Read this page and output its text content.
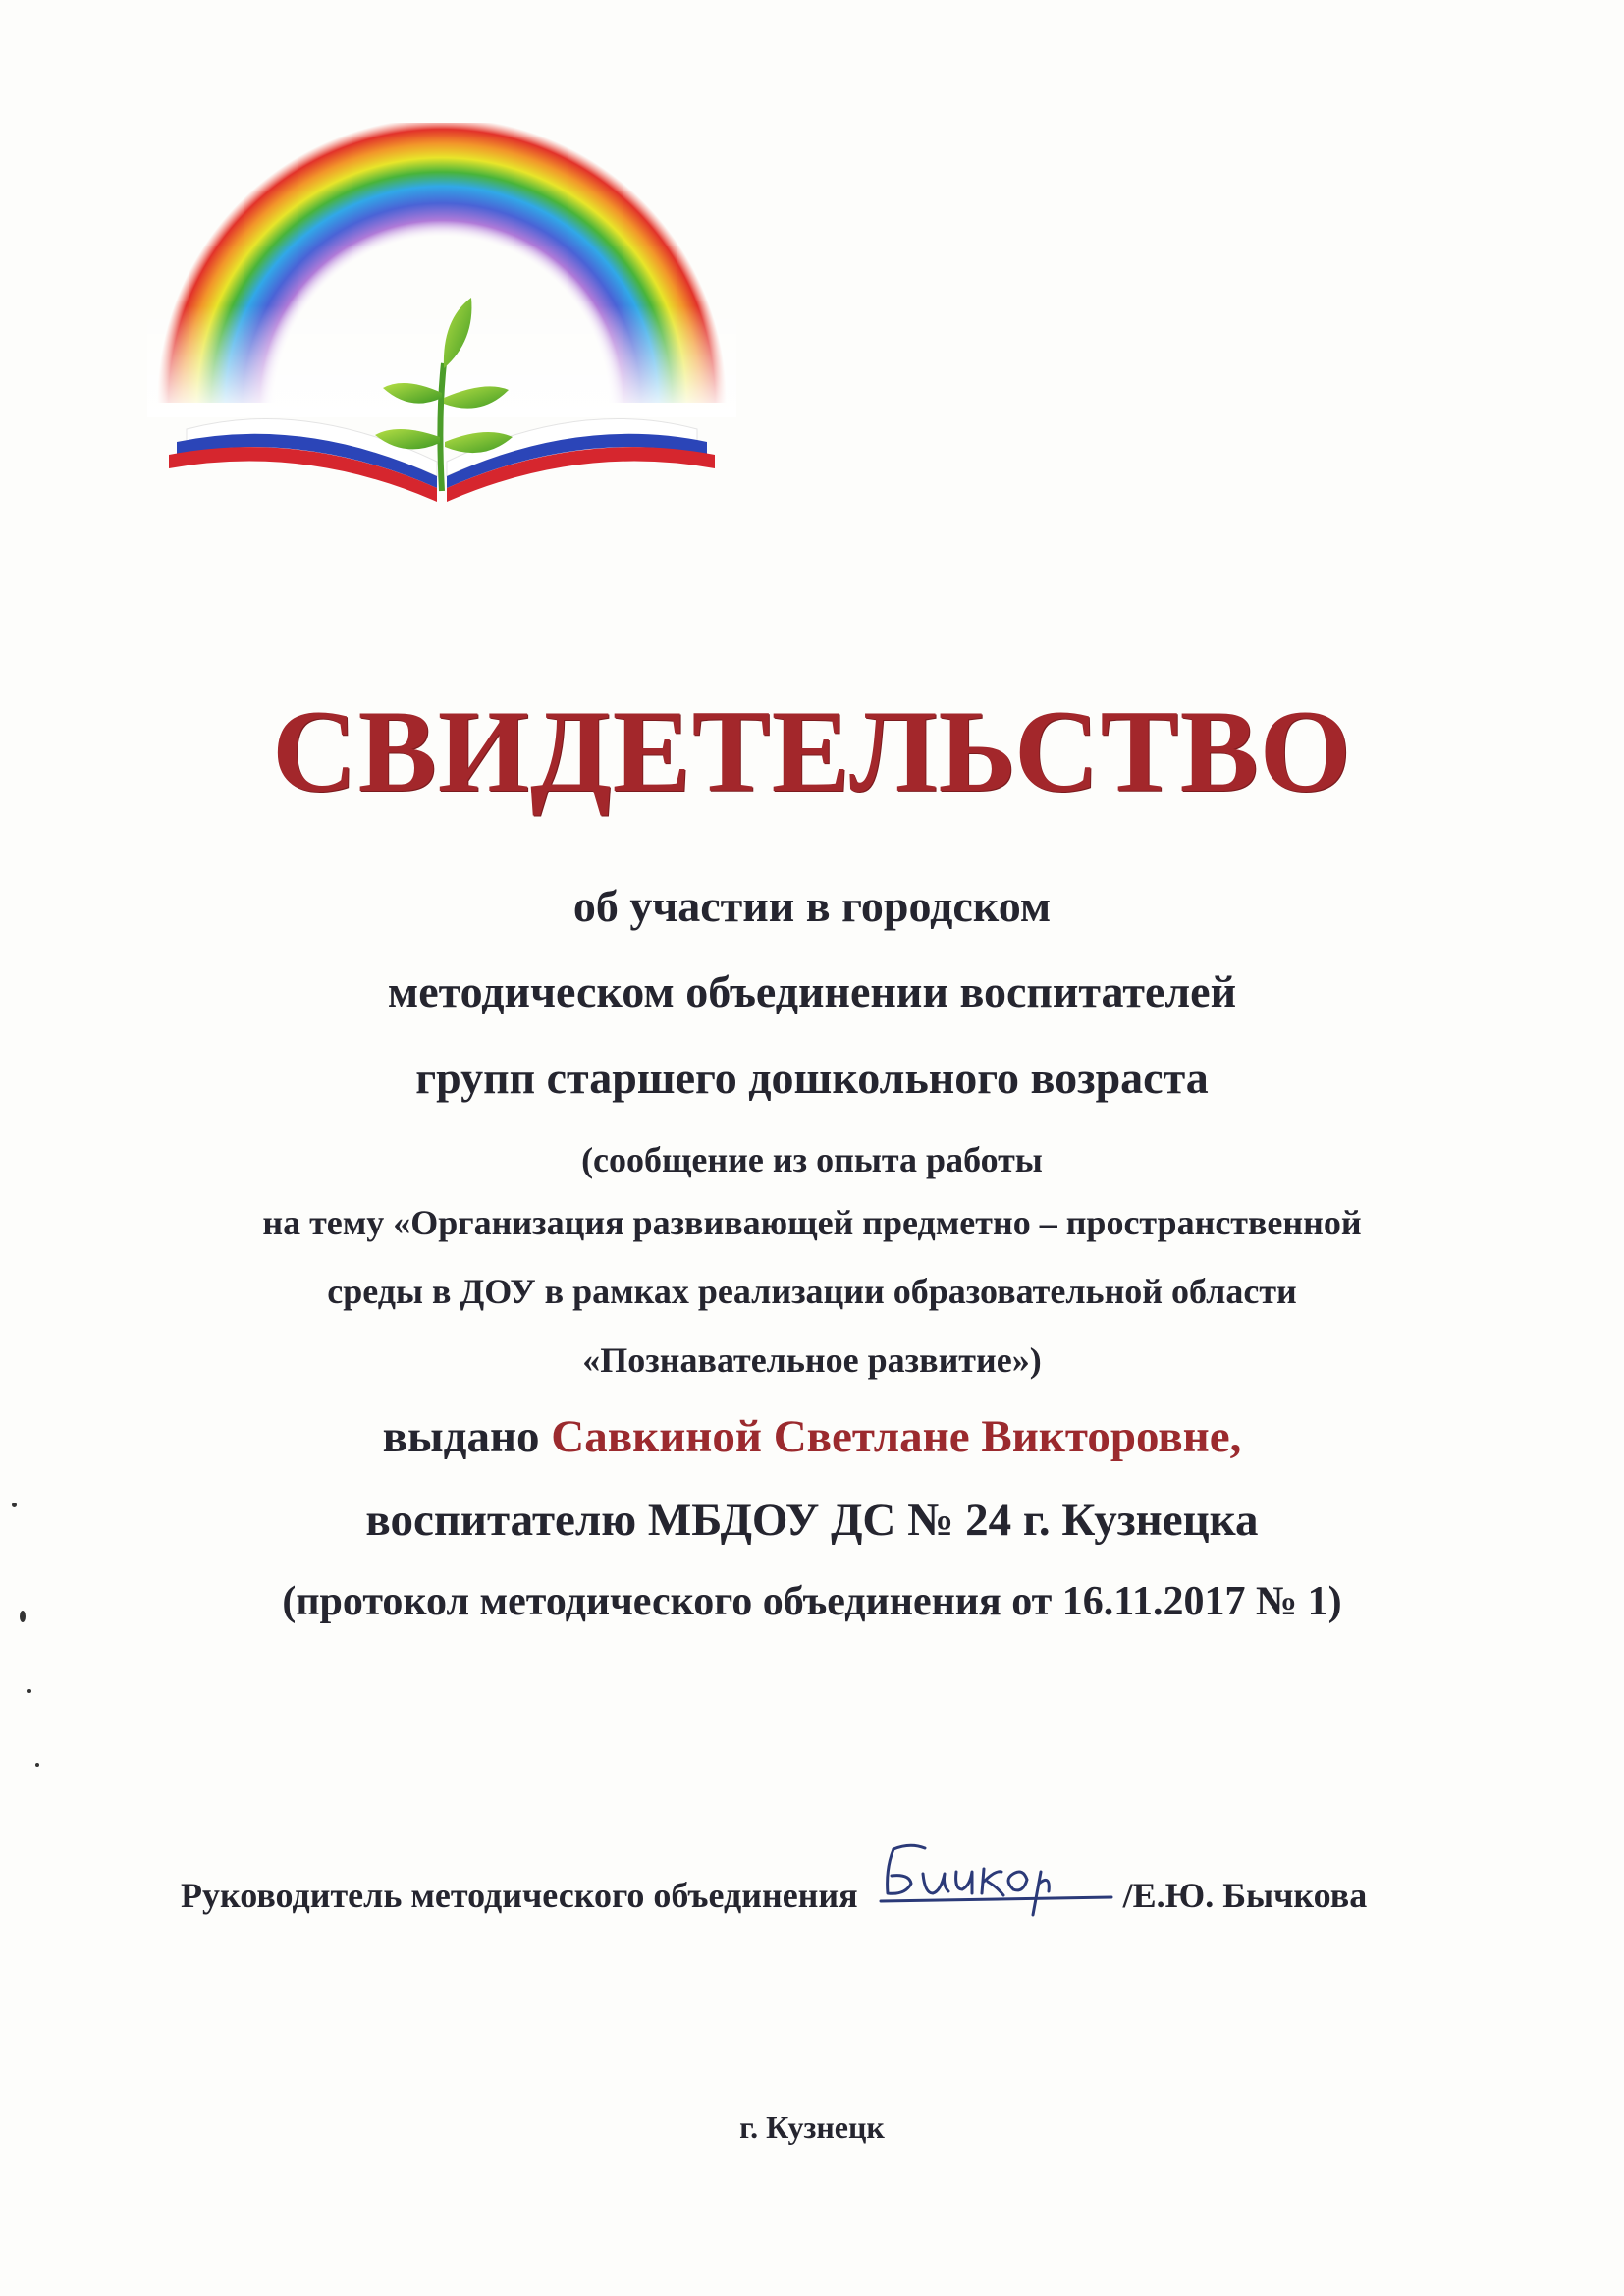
СВИДЕТЕЛЬСТВО
об участии в городском
методическом объединении воспитателей
групп старшего дошкольного возраста
(сообщение из опыта работы
на тему «Организация развивающей предметно – пространственной
среды в ДОУ в рамках реализации образовательной области
«Познавательное развитие»)
выдано Савкиной Светлане Викторовне,
воспитателю МБДОУ ДС № 24 г. Кузнецка
(протокол методического объединения от 16.11.2017 № 1)
Руководитель методического объединения	/Е.Ю. Бычкова
г. Кузнецк
